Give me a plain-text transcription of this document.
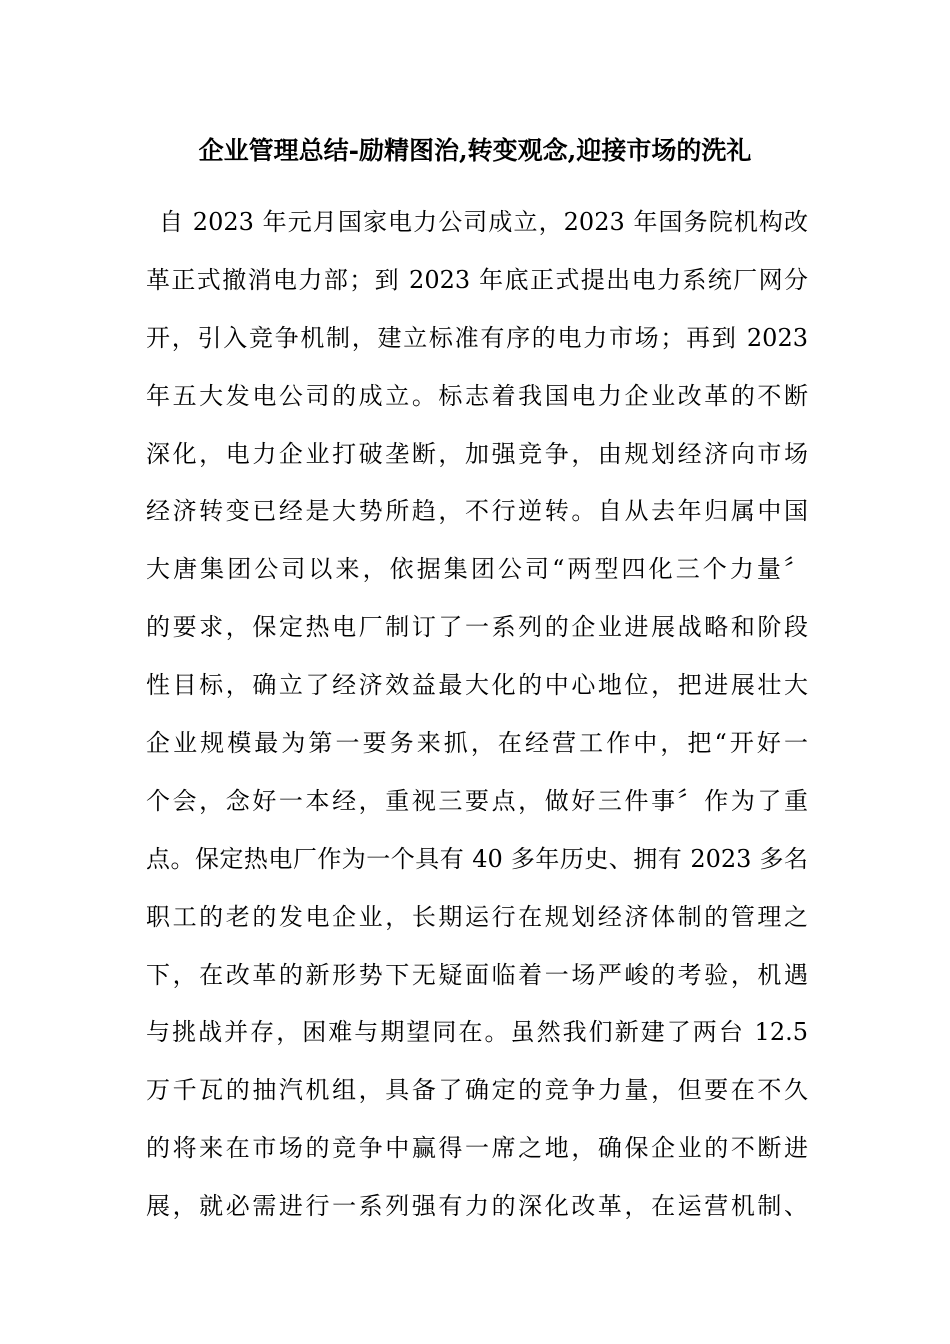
企业管理总结-励精图治,转变观念,迎接市场的洗礼
自 2023 年元月国家电力公司成立，2023 年国务院机构改
革正式撤消电力部；到 2023 年底正式提出电力系统厂网分
开，引入竞争机制，建立标准有序的电力市场；再到 2023
年五大发电公司的成立。标志着我国电力企业改革的不断
深化，电力企业打破垄断，加强竞争，由规划经济向市场
经济转变已经是大势所趋，不行逆转。自从去年归属中国
大唐集团公司以来，依据集团公司“两型四化三个力量〞
的要求，保定热电厂制订了一系列的企业进展战略和阶段
性目标，确立了经济效益最大化的中心地位，把进展壮大
企业规模最为第一要务来抓，在经营工作中，把“开好一
个会，念好一本经，重视三要点，做好三件事〞作为了重
点。保定热电厂作为一个具有 40 多年历史、拥有 2023 多名
职工的老的发电企业，长期运行在规划经济体制的管理之
下，在改革的新形势下无疑面临着一场严峻的考验，机遇
与挑战并存，困难与期望同在。虽然我们新建了两台 12.5
万千瓦的抽汽机组，具备了确定的竞争力量，但要在不久
的将来在市场的竞争中赢得一席之地，确保企业的不断进
展，就必需进行一系列强有力的深化改革，在运营机制、
